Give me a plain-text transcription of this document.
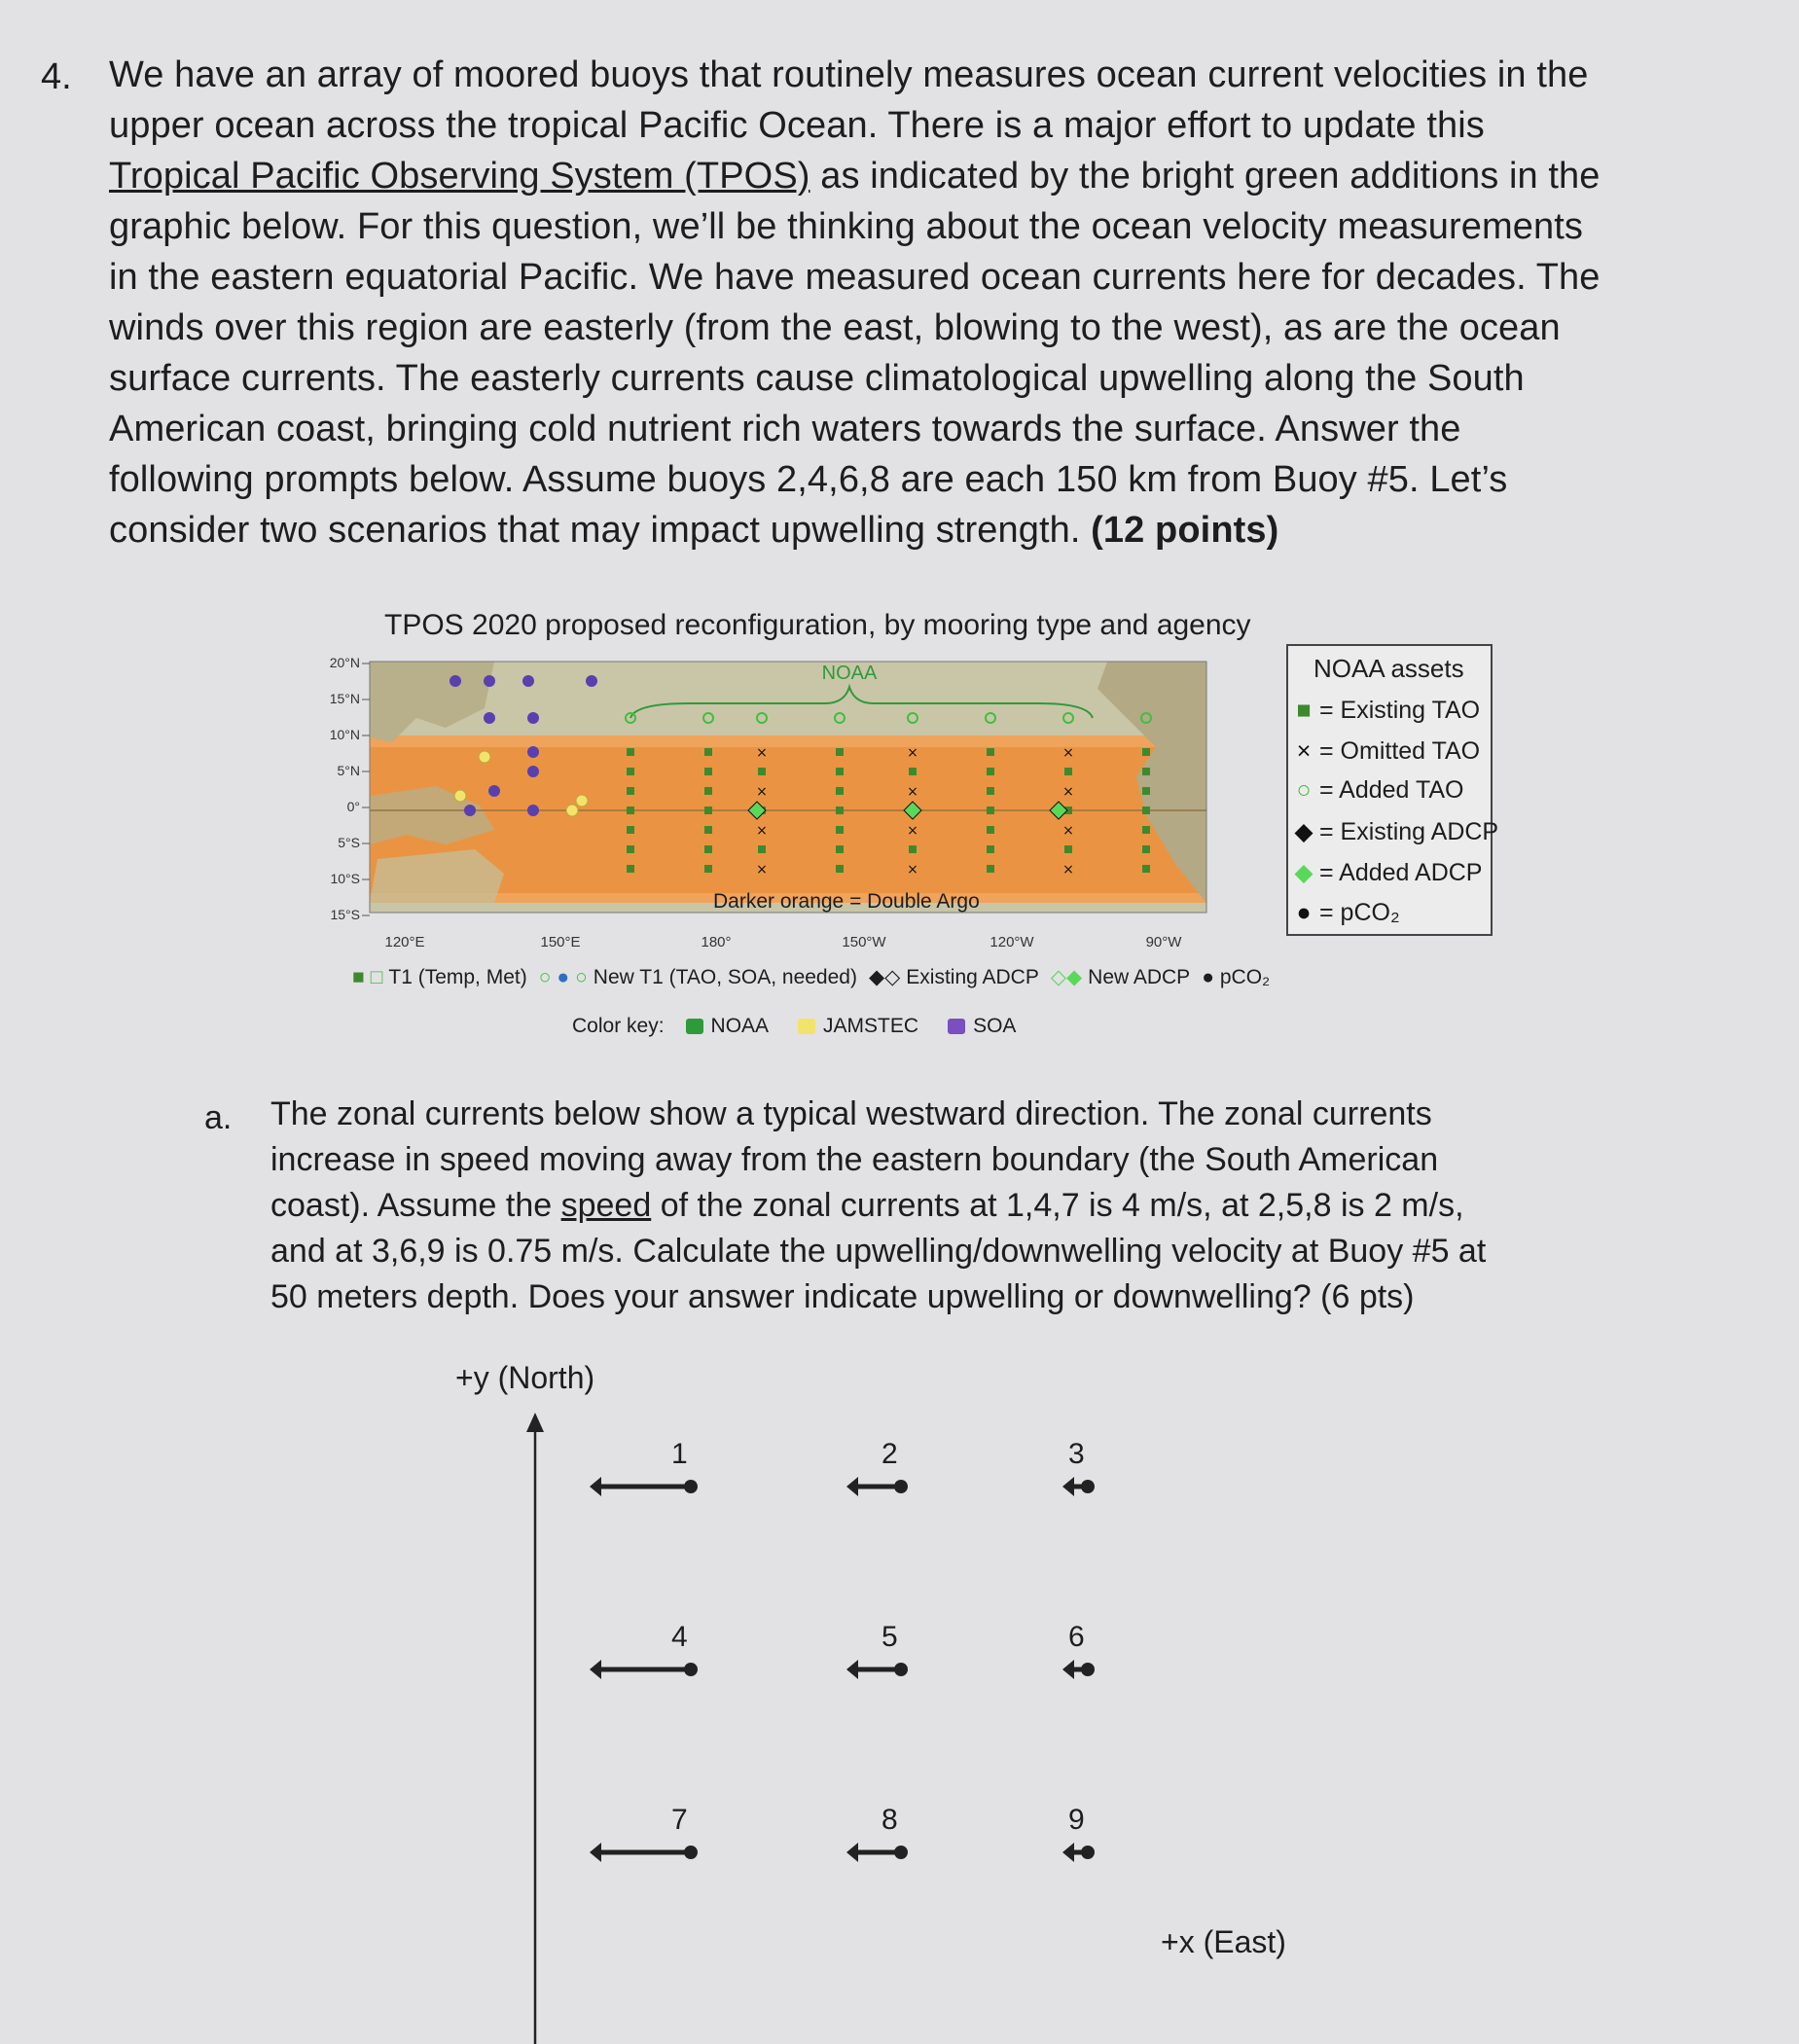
4. We have an array of moored buoys that routinely measures ocean current velocities in the
upper ocean across the tropical Pacific Ocean. There is a major effort to update this
Tropical Pacific Observing System (TPOS) as indicated by the bright green additions in the
graphic below. For this question, we’ll be thinking about the ocean velocity measurements
in the eastern equatorial Pacific. We have measured ocean currents here for decades. The
winds over this region are easterly (from the east, blowing to the west), as are the ocean
surface currents. The easterly currents cause climatological upwelling along the South
American coast, bringing cold nutrient rich waters towards the surface. Answer the
following prompts below. Assume buoys 2,4,6,8 are each 150 km from Buoy #5. Let’s
consider two scenarios that may impact upwelling strength. (12 points)
TPOS 2020 proposed reconfiguration, by mooring type and agency
NOAA
20°N
15°N
10°N
5°N
0°
5°S
10°S
15°S
120°E	150°E	180°	150°W	120°W	90°W
×
×
×
×
×
×
×
×
×
×
×
×
Darker orange = Double Argo
NOAA assets
■ = Existing TAO
× = Omitted TAO
○ = Added TAO
◆ = Existing ADCP
◆ = Added ADCP
● = pCO₂
■ □ T1 (Temp, Met) ○ ● ○ New T1 (TAO, SOA, needed) ◆◇ Existing ADCP ◇◆ New ADCP ● pCO₂
Color key: NOAA	JAMSTEC	SOA
a. The zonal currents below show a typical westward direction. The zonal currents
increase in speed moving away from the eastern boundary (the South American
coast). Assume the speed of the zonal currents at 1,4,7 is 4 m/s, at 2,5,8 is 2 m/s,
and at 3,6,9 is 0.75 m/s. Calculate the upwelling/downwelling velocity at Buoy #5 at
50 meters depth. Does your answer indicate upwelling or downwelling? (6 pts)
+y (North)
+x (East)
1	2	3
4	5	6
7	8	9
